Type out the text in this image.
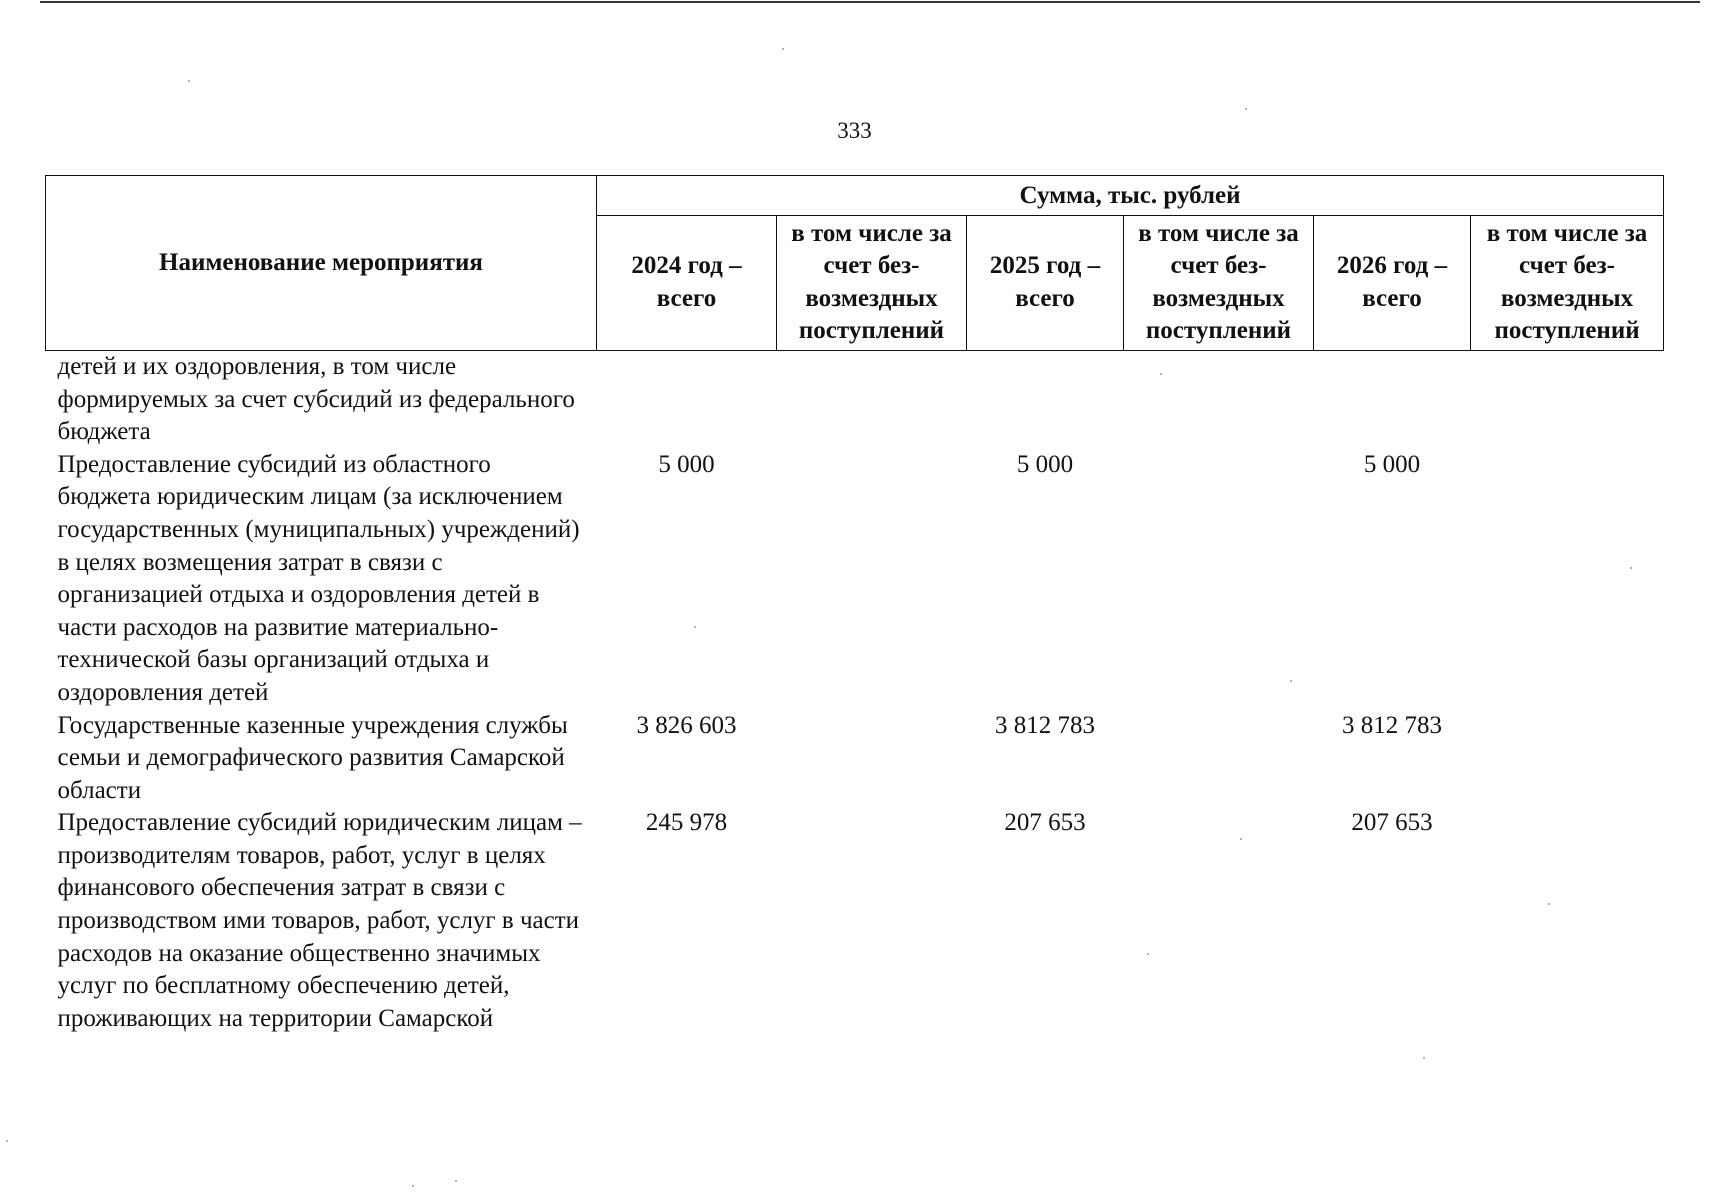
333
Наименование мероприятия	Сумма, тыс. рублей					
	2024 год – всего	в том числе за счет без-возмездных поступлений	2025 год – всего	в том числе за счет без-возмездных поступлений	2026 год – всего	в том числе за счет без-возмездных поступлений
детей и их оздоровления, в том числе формируемых за счет субсидий из федерального бюджета						
Предоставление субсидий из областного бюджета юридическим лицам (за исключением государственных (муниципальных) учреждений) в целях возмещения затрат в связи с организацией отдыха и оздоровления детей в части расходов на развитие материально-технической базы организаций отдыха и оздоровления детей	5 000		5 000		5 000	
Государственные казенные учреждения службы семьи и демографического развития Самарской области	3 826 603		3 812 783		3 812 783	
Предоставление субсидий юридическим лицам – производителям товаров, работ, услуг в целях финансового обеспечения затрат в связи с производством ими товаров, работ, услуг в части расходов на оказание общественно значимых услуг по бесплатному обеспечению детей, проживающих на территории Самарской	245 978		207 653		207 653	
